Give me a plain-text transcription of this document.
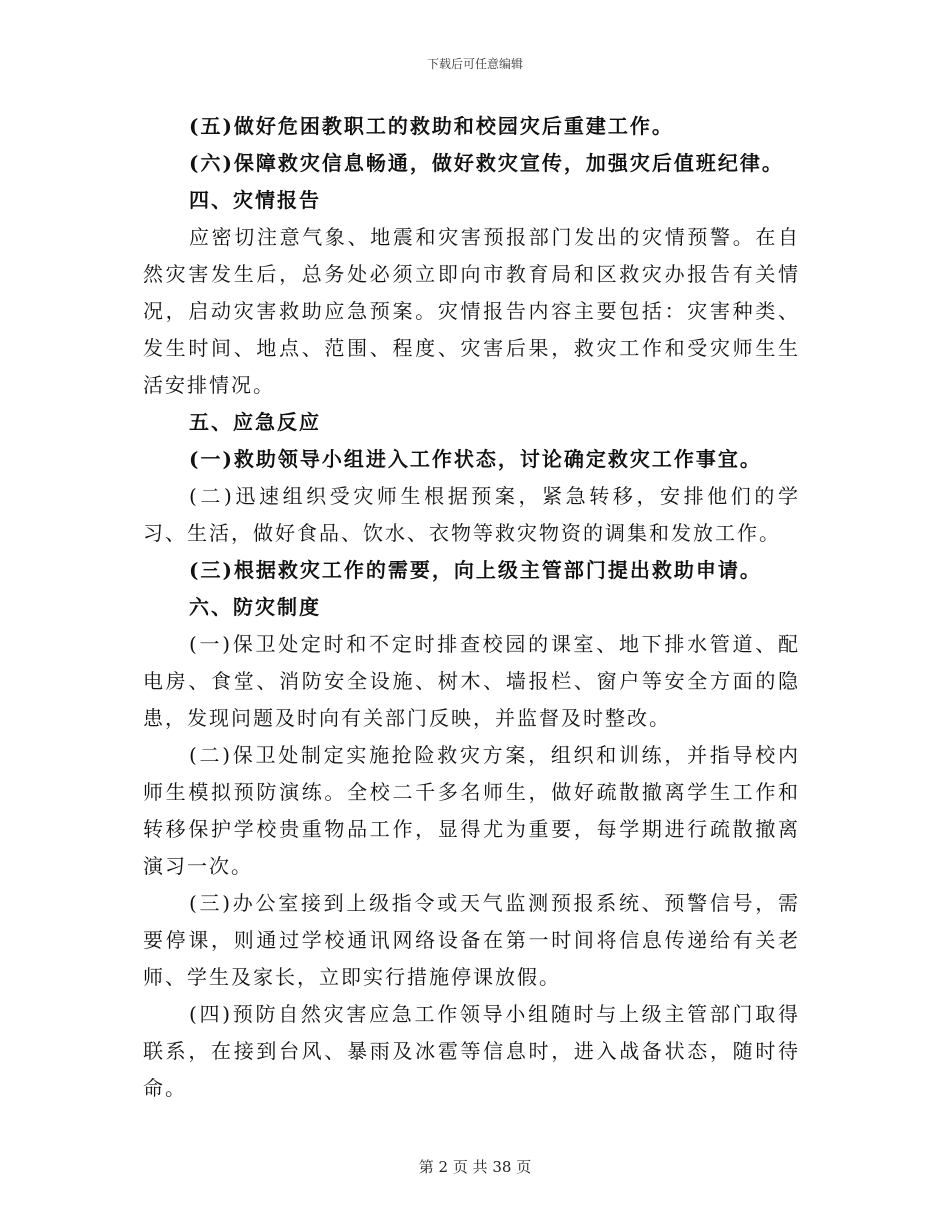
下载后可任意编辑

(五)做好危困教职工的救助和校园灾后重建工作。

(六)保障救灾信息畅通，做好救灾宣传，加强灾后值班纪律。

四、灾情报告

应密切注意气象、地震和灾害预报部门发出的灾情预警。在自然灾害发生后，总务处必须立即向市教育局和区救灾办报告有关情况，启动灾害救助应急预案。灾情报告内容主要包括：灾害种类、发生时间、地点、范围、程度、灾害后果，救灾工作和受灾师生生活安排情况。

五、应急反应

(一)救助领导小组进入工作状态，讨论确定救灾工作事宜。

(二)迅速组织受灾师生根据预案，紧急转移，安排他们的学习、生活，做好食品、饮水、衣物等救灾物资的调集和发放工作。

(三)根据救灾工作的需要，向上级主管部门提出救助申请。

六、防灾制度

(一)保卫处定时和不定时排查校园的课室、地下排水管道、配电房、食堂、消防安全设施、树木、墙报栏、窗户等安全方面的隐患，发现问题及时向有关部门反映，并监督及时整改。

(二)保卫处制定实施抢险救灾方案，组织和训练，并指导校内师生模拟预防演练。全校二千多名师生，做好疏散撤离学生工作和转移保护学校贵重物品工作，显得尤为重要，每学期进行疏散撤离演习一次。

(三)办公室接到上级指令或天气监测预报系统、预警信号，需要停课，则通过学校通讯网络设备在第一时间将信息传递给有关老师、学生及家长，立即实行措施停课放假。

(四)预防自然灾害应急工作领导小组随时与上级主管部门取得联系，在接到台风、暴雨及冰雹等信息时，进入战备状态，随时待命。

第 2 页 共 38 页
